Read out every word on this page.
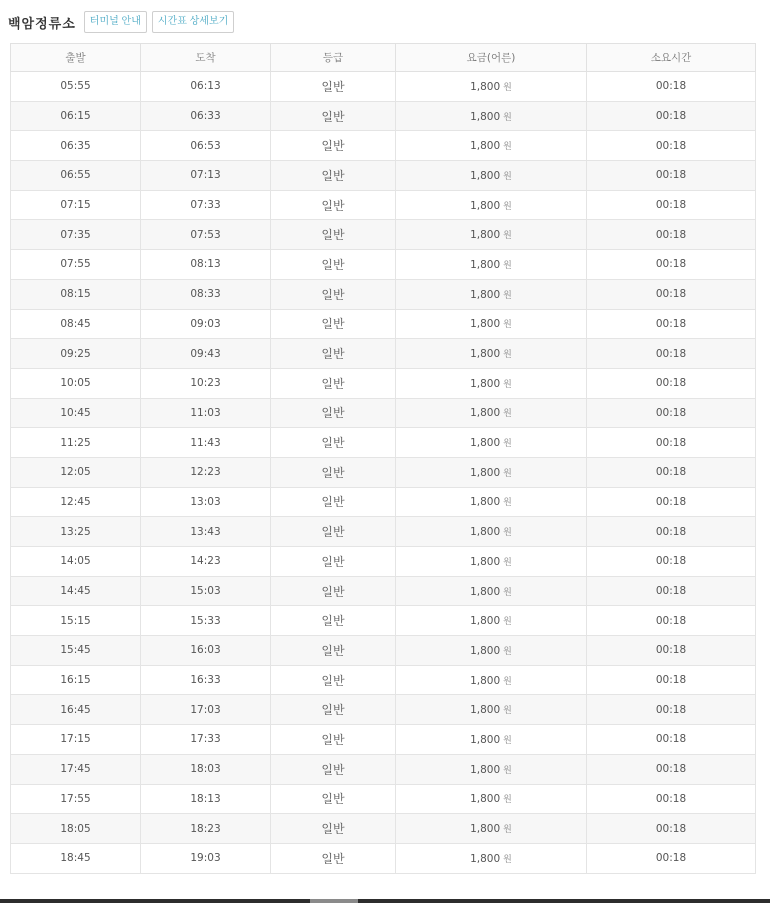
백암정류소	터미널 안내	시간표 상세보기
출발	도착	등급	요금(어른)	소요시간
05:55	06:13	일반	1,800 원	00:18
06:15	06:33	일반	1,800 원	00:18
06:35	06:53	일반	1,800 원	00:18
06:55	07:13	일반	1,800 원	00:18
07:15	07:33	일반	1,800 원	00:18
07:35	07:53	일반	1,800 원	00:18
07:55	08:13	일반	1,800 원	00:18
08:15	08:33	일반	1,800 원	00:18
08:45	09:03	일반	1,800 원	00:18
09:25	09:43	일반	1,800 원	00:18
10:05	10:23	일반	1,800 원	00:18
10:45	11:03	일반	1,800 원	00:18
11:25	11:43	일반	1,800 원	00:18
12:05	12:23	일반	1,800 원	00:18
12:45	13:03	일반	1,800 원	00:18
13:25	13:43	일반	1,800 원	00:18
14:05	14:23	일반	1,800 원	00:18
14:45	15:03	일반	1,800 원	00:18
15:15	15:33	일반	1,800 원	00:18
15:45	16:03	일반	1,800 원	00:18
16:15	16:33	일반	1,800 원	00:18
16:45	17:03	일반	1,800 원	00:18
17:15	17:33	일반	1,800 원	00:18
17:45	18:03	일반	1,800 원	00:18
17:55	18:13	일반	1,800 원	00:18
18:05	18:23	일반	1,800 원	00:18
18:45	19:03	일반	1,800 원	00:18
